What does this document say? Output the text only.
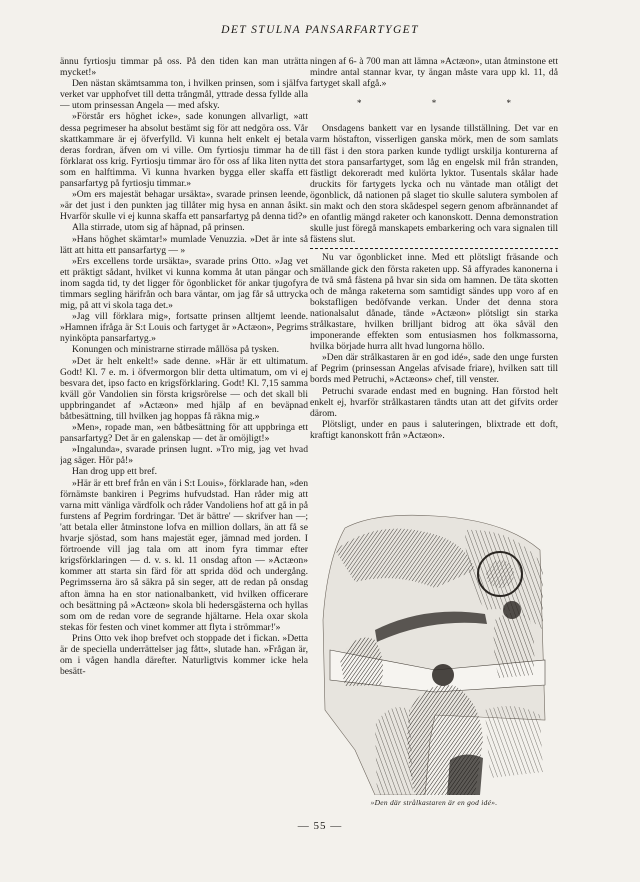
DET STULNA PANSARFARTYGET

ännu fyrtiosju timmar på oss. På den tiden kan man uträtta mycket!»

Den nästan skämtsamma ton, i hvilken prinsen, som i själfva verket var upphofvet till detta trångmål, yttrade dessa fyllde alla — utom prinsessan Angela — med afsky.

»Förstår ers höghet icke», sade konungen allvarligt, »att dessa pegrimeser ha absolut bestämt sig för att nedgöra oss. Vår skattkammare är ej öfverfylld. Vi kunna helt enkelt ej betala deras fordran, äfven om vi ville. Om fyrtiosju timmar ha de förklarat oss krig. Fyrtiosju timmar äro för oss af lika liten nytta som en halftimma. Vi kunna hvarken bygga eller skaffa ett pansarfartyg på fyrtiosju timmar.»

»Om ers majestät behagar ursäkta», svarade prinsen leende, »är det just i den punkten jag tillåter mig hysa en annan åsikt. Hvarför skulle vi ej kunna skaffa ett pansarfartyg på denna tid?»

Alla stirrade, utom sig af häpnad, på prinsen.

»Hans höghet skämtar!» mumlade Venuzzia. »Det är inte så lätt att hitta ett pansarfartyg — »

»Ers excellens torde ursäkta», svarade prins Otto. »Jag vet ett präktigt sådant, hvilket vi kunna komma åt utan pängar och inom sagda tid, ty det ligger för ögonblicket för ankar tjugofyra timmars segling härifrån och bara väntar, om jag får så uttrycka mig, på att vi skola taga det.»

»Jag vill förklara mig», fortsatte prinsen alltjemt leende. »Hamnen ifråga är S:t Louis och fartyget är »Actæon», Pegrims nyinköpta pansarfartyg.»

Konungen och ministrarne stirrade mållösa på tysken.

»Det är helt enkelt!» sade denne. »Här är ett ultimatum. Godt! Kl. 7 e. m. i öfvermorgon blir detta ultimatum, om vi ej besvara det, ipso facto en krigsförklaring. Godt! Kl. 7,15 samma kväll gör Vandolien sin första krigsrörelse — och det skall bli uppbringandet af »Actæon» med hjälp af en beväpnad båtbesättning, till hvilken jag hoppas få räkna mig.»

»Men», ropade man, »en båtbesättning för att uppbringa ett pansarfartyg? Det är en galenskap — det är omöjligt!»

»Ingalunda», svarade prinsen lugnt. »Tro mig, jag vet hvad jag säger. Hör på!»

Han drog upp ett bref.

»Här är ett bref från en vän i S:t Louis», förklarade han, »den förnämste bankiren i Pegrims hufvudstad. Han råder mig att varna mitt vänliga värdfolk och råder Vandoliens hof att gå in på furstens af Pegrim fordringar. 'Det är bättre' — skrifver han —; 'att betala eller åtminstone lofva en million dollars, än att få se hvarje sjöstad, som hans majestät eger, jämnad med jorden. I förtroende vill jag tala om att inom fyra timmar efter krigsförklaringen — d. v. s. kl. 11 onsdag afton — »Actæon» kommer att starta sin färd för att sprida död och undergång. Pegrimsserna äro så säkra på sin seger, att de redan på onsdag afton ämna ha en stor nationalbankett, vid hvilken officerare och besättning på »Actæon» skola bli hedersgästerna och hyllas som om de redan vore de segrande hjältarne. Hela oxar skola stekas för festen och vinet kommer att flyta i strömmar!'»

Prins Otto vek ihop brefvet och stoppade det i fickan. »Detta är de speciella underrättelser jag fått», slutade han. »Frågan är, om i vågen handla därefter. Naturligtvis kommer icke hela besätt-

ningen af 6- à 700 man att lämna »Actæon», utan åtminstone ett mindre antal stannar kvar, ty ängan måste vara upp kl. 11, då fartyget skall afgå.»

* * *

Onsdagens bankett var en lysande tillställning. Det var en varm höstafton, visserligen ganska mörk, men de som samlats till fäst i den stora parken kunde tydligt urskilja konturerna af det stora pansarfartyget, som låg en engelsk mil från stranden, fästligt dekoreradt med kulörta lyktor. Tusentals skålar hade druckits för fartygets lycka och nu väntade man otåligt det ögonblick, då nationen på slaget tio skulle salutera symbolen af sin makt och den stora skådespel segern genom afbrännandet af en ofantlig mängd raketer och kanonskott. Denna demonstration skulle just föregå manskapets embarkering och vara signalen till fästens slut.

Nu var ögonblicket inne. Med ett plötsligt fräsande och smällande gick den första raketen upp. Så affyrades kanonerna i de två små fästena på hvar sin sida om hamnen. De täta skotten och de många raketerna som samtidigt sändes upp voro af en bokstafligen bedöfvande verkan. Under det denna stora nationalsalut dånade, tände »Actæon» plötsligt sin starka strålkastare, hvilken brilljant bidrog att öka såväl den imponerande effekten som entusiasmen hos folkmassorna, hvilka började hurra allt hvad lungorna höllo.

»Den där strålkastaren är en god idé», sade den unge fursten af Pegrim (prinsessan Angelas afvisade friare), hvilken satt till bords med Petruchi, »Actæons» chef, till venster.

Petruchi svarade endast med en bugning. Han förstod helt enkelt ej, hvarför strålkastaren tändts utan att det gifvits order därom.

Plötsligt, under en paus i saluteringen, blixtrade ett doft, kraftigt kanonskott från »Actæon».

»Den där strålkastaren är en god idé».
— 55 —
